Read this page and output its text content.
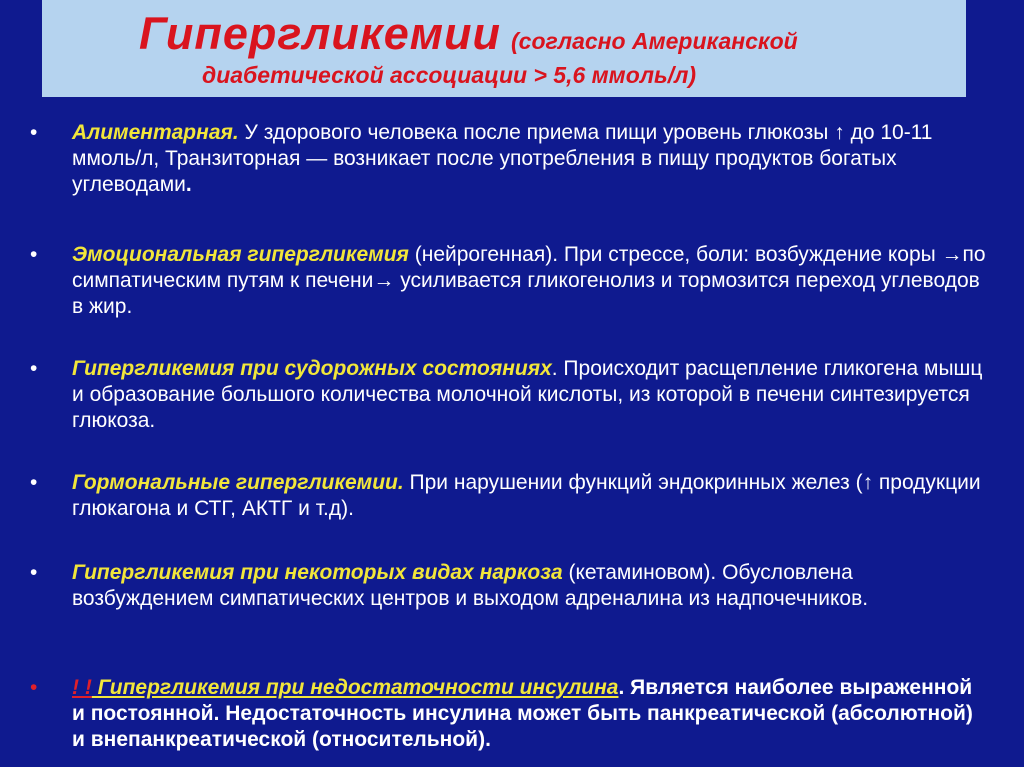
Гипергликемии (согласно Американской
диабетической ассоциации > 5,6 ммоль/л)
• Алиментарная. У здорового человека после приема пищи уровень глюкозы ↑ до 10-11 ммоль/л, Транзиторная — возникает после употребления в пищу продуктов богатых углеводами.
• Эмоциональная гипергликемия (нейрогенная). При стрессе, боли: возбуждение коры →по симпатическим путям к печени→ усиливается гликогенолиз и тормозится переход углеводов в жир.
• Гипергликемия при судорожных состояниях. Происходит расщепление гликогена мышц и образование большого количества молочной кислоты, из которой в печени синтезируется глюкоза.
• Гормональные гипергликемии. При нарушении функций эндокринных желез (↑ продукции глюкагона и СТГ, АКТГ и т.д).
• Гипергликемия при некоторых видах наркоза (кетаминовом). Обусловлена возбуждением симпатических центров и выходом адреналина из надпочечников.
• ! ! Гипергликемия при недостаточности инсулина. Является наиболее выраженной и постоянной. Недостаточность инсулина может быть панкреатической (абсолютной) и внепанкреатической (относительной).
